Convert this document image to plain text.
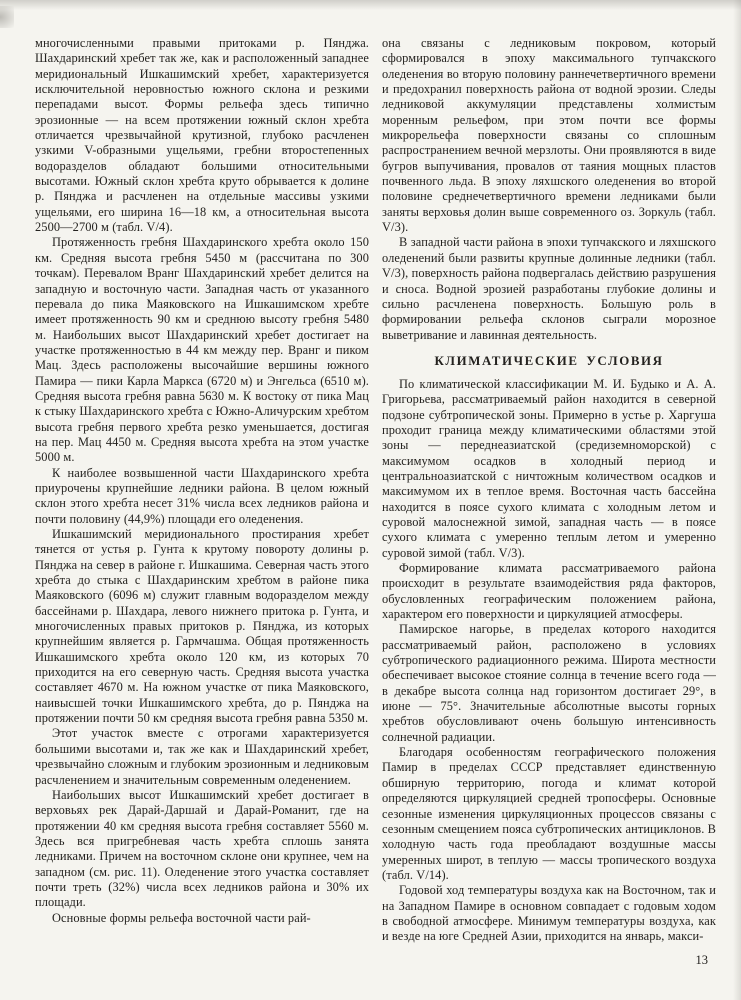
многочисленными правыми притоками р. Пянджа. Шахдаринский хребет так же, как и расположенный западнее меридиональный Ишкашимский хребет, характеризуется исключительной неровностью южного склона и резкими перепадами высот. Формы рельефа здесь типично эрозионные — на всем протяжении южный склон хребта отличается чрезвычайной крутизной, глубоко расчленен узкими V-образными ущельями, гребни второстепенных водоразделов обладают большими относительными высотами. Южный склон хребта круто обрывается к долине р. Пянджа и расчленен на отдельные массивы узкими ущельями, его ширина 16—18 км, а относительная высота 2500—2700 м (табл. V/4).

Протяженность гребня Шахдаринского хребта около 150 км. Средняя высота гребня 5450 м (рассчитана по 300 точкам). Перевалом Вранг Шахдаринский хребет делится на западную и восточную части. Западная часть от указанного перевала до пика Маяковского на Ишкашимском хребте имеет протяженность 90 км и среднюю высоту гребня 5480 м. Наибольших высот Шахдаринский хребет достигает на участке протяженностью в 44 км между пер. Вранг и пиком Мац. Здесь расположены высочайшие вершины южного Памира — пики Карла Маркса (6720 м) и Энгельса (6510 м). Средняя высота гребня равна 5630 м. К востоку от пика Мац к стыку Шахдаринского хребта с Южно-Аличурским хребтом высота гребня первого хребта резко уменьшается, достигая на пер. Мац 4450 м. Средняя высота хребта на этом участке 5000 м.

К наиболее возвышенной части Шахдаринского хребта приурочены крупнейшие ледники района. В целом южный склон этого хребта несет 31% числа всех ледников района и почти половину (44,9%) площади его оледенения.

Ишкашимский меридионального простирания хребет тянется от устья р. Гунта к крутому повороту долины р. Пянджа на север в районе г. Ишкашима. Северная часть этого хребта до стыка с Шахдаринским хребтом в районе пика Маяковского (6096 м) служит главным водоразделом между бассейнами р. Шахдара, левого нижнего притока р. Гунта, и многочисленных правых притоков р. Пянджа, из которых крупнейшим является р. Гармчашма. Общая протяженность Ишкашимского хребта около 120 км, из которых 70 приходится на его северную часть. Средняя высота участка составляет 4670 м. На южном участке от пика Маяковского, наивысшей точки Ишкашимского хребта, до р. Пянджа на протяжении почти 50 км средняя высота гребня равна 5350 м.

Этот участок вместе с отрогами характеризуется большими высотами и, так же как и Шахдаринский хребет, чрезвычайно сложным и глубоким эрозионным и ледниковым расчленением и значительным современным оледенением.

Наибольших высот Ишкашимский хребет достигает в верховьях рек Дарай-Даршай и Дарай-Романит, где на протяжении 40 км средняя высота гребня составляет 5560 м. Здесь вся пригребневая часть хребта сплошь занята ледниками. Причем на восточном склоне они крупнее, чем на западном (см. рис. 11). Оледенение этого участка составляет почти треть (32%) числа всех ледников района и 30% их площади.

Основные формы рельефа восточной части рай-

она связаны с ледниковым покровом, который сформировался в эпоху максимального тупчакского оледенения во вторую половину раннечетвертичного времени и предохранил поверхность района от водной эрозии. Следы ледниковой аккумуляции представлены холмистым моренным рельефом, при этом почти все формы микрорельефа поверхности связаны со сплошным распространением вечной мерзлоты. Они проявляются в виде бугров выпучивания, провалов от таяния мощных пластов почвенного льда. В эпоху ляхшского оледенения во второй половине среднечетвертичного времени ледниками были заняты верховья долин выше современного оз. Зоркуль (табл. V/3).

В западной части района в эпохи тупчакского и ляхшского оледенений были развиты крупные долинные ледники (табл. V/3), поверхность района подвергалась действию разрушения и сноса. Водной эрозией разработаны глубокие долины и сильно расчленена поверхность. Большую роль в формировании рельефа склонов сыграли морозное выветривание и лавинная деятельность.

КЛИМАТИЧЕСКИЕ УСЛОВИЯ

По климатической классификации М. И. Будыко и А. А. Григорьева, рассматриваемый район находится в северной подзоне субтропической зоны. Примерно в устье р. Харгуша проходит граница между климатическими областями этой зоны — переднеазиатской (средиземноморской) с максимумом осадков в холодный период и центральноазиатской с ничтожным количеством осадков и максимумом их в теплое время. Восточная часть бассейна находится в поясе сухого климата с холодным летом и суровой малоснежной зимой, западная часть — в поясе сухого климата с умеренно теплым летом и умеренно суровой зимой (табл. V/3).

Формирование климата рассматриваемого района происходит в результате взаимодействия ряда факторов, обусловленных географическим положением района, характером его поверхности и циркуляцией атмосферы.

Памирское нагорье, в пределах которого находится рассматриваемый район, расположено в условиях субтропического радиационного режима. Широта местности обеспечивает высокое стояние солнца в течение всего года — в декабре высота солнца над горизонтом достигает 29°, в июне — 75°. Значительные абсолютные высоты горных хребтов обусловливают очень большую интенсивность солнечной радиации.

Благодаря особенностям географического положения Памир в пределах СССР представляет единственную обширную территорию, погода и климат которой определяются циркуляцией средней тропосферы. Основные сезонные изменения циркуляционных процессов связаны с сезонным смещением пояса субтропических антициклонов. В холодную часть года преобладают воздушные массы умеренных широт, в теплую — массы тропического воздуха (табл. V/14).

Годовой ход температуры воздуха как на Восточном, так и на Западном Памире в основном совпадает с годовым ходом в свободной атмосфере. Минимум температуры воздуха, как и везде на юге Средней Азии, приходится на январь, макси-

13
